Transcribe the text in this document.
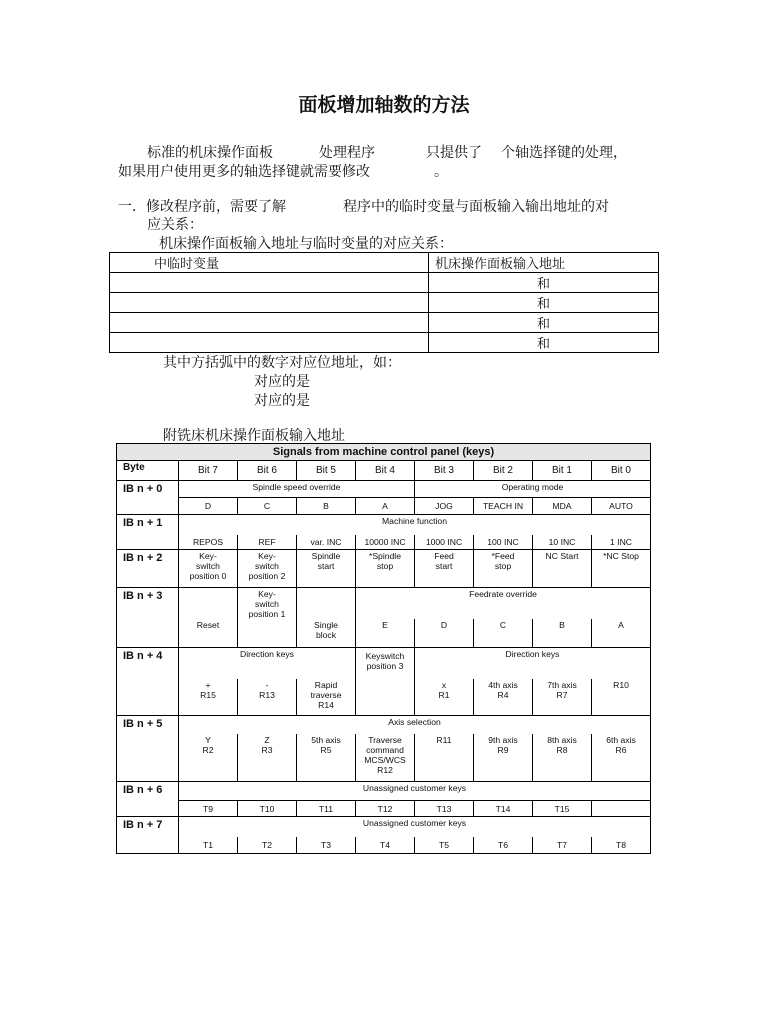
面板增加轴数的方法
标准的机床操作面板	处理程序	只提供了 个轴选择键的处理，
如果用户使用更多的轴选择键就需要修改	。
一．修改程序前，需要了解	程序中的临时变量与面板输入输出地址的对
应关系：
机床操作面板输入地址与临时变量的对应关系：
中临时变量	机床操作面板输入地址
	和
	和
	和
	和
其中方括弧中的数字对应位地址，如：
对应的是
对应的是
附铣床机床操作面板输入地址
Signals from machine control panel (keys)								
Byte	Bit 7	Bit 6	Bit 5	Bit 4	Bit 3	Bit 2	Bit 1	Bit 0
IB n + 0	Spindle speed override				Operating mode			
	D	C	B	A	JOG	TEACH IN	MDA	AUTO
IB n + 1	Machine function							
	REPOS	REF	var. INC	10000 INC	1000 INC	100 INC	10 INC	1 INC
IB n + 2	Key-
switch
position 0	Key-
switch
position 2	Spindle
start	*Spindle
stop	Feed
start	*Feed
stop	NC Start	*NC Stop
IB n + 3		Key-
switch
position 1		Feedrate override				
	Reset		Single
block	E	D	C	B	A
IB n + 4	Direction keys			Keyswitch
position 3	Direction keys			
	+
R15	-
R13	Rapid
traverse
R14		x
R1	4th axis
R4	7th axis
R7	R10
IB n + 5	Axis selection							
	Y
R2	Z
R3	5th axis
R5	Traverse
command
MCS/WCS
R12	R11	9th axis
R9	8th axis
R8	6th axis
R6
IB n + 6	Unassigned customer keys							
	T9	T10	T11	T12	T13	T14	T15	
IB n + 7	Unassigned customer keys							
	T1	T2	T3	T4	T5	T6	T7	T8
